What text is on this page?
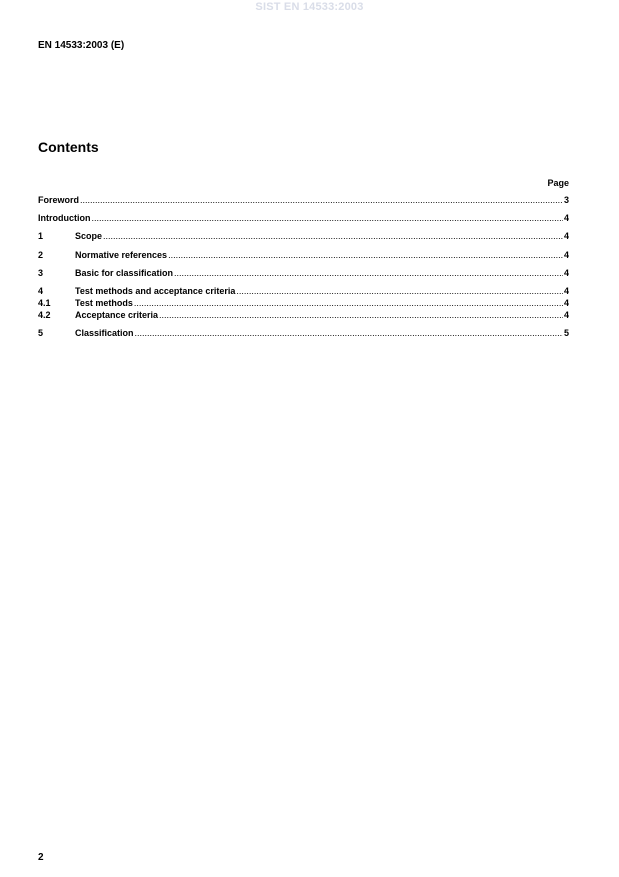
SIST EN 14533:2003
EN 14533:2003 (E)
Contents
Page
Foreword .....	3
Introduction .....	4
1	Scope .....	4
2	Normative references .....	4
3	Basic for classification .....	4
4	Test methods and acceptance criteria .....	4
4.1	Test methods .....	4
4.2	Acceptance criteria .....	4
5	Classification .....	5
2
